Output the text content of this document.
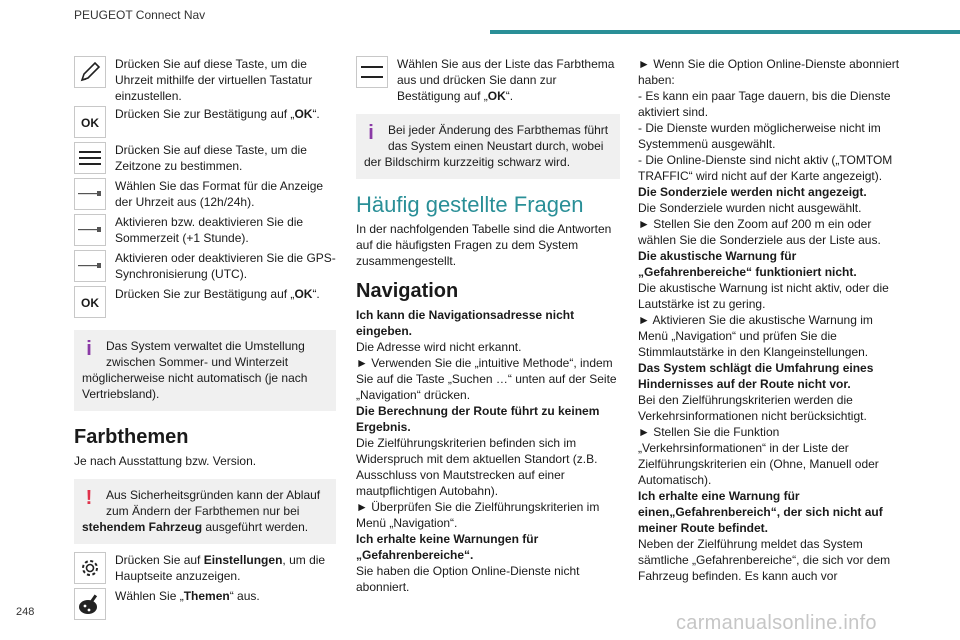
PEUGEOT Connect Nav

Drücken Sie auf diese Taste, um die Uhrzeit mithilfe der virtuellen Tastatur einzustellen.

OK

Drücken Sie zur Bestätigung auf „OK“.

Drücken Sie auf diese Taste, um die Zeitzone zu bestimmen.

Wählen Sie das Format für die Anzeige der Uhrzeit aus (12h/24h).

Aktivieren bzw. deaktivieren Sie die Sommerzeit (+1 Stunde).

Aktivieren oder deaktivieren Sie die GPS-Synchronisierung (UTC).

OK

Drücken Sie zur Bestätigung auf „OK“.

i	Das System verwaltet die Umstellung zwischen Sommer- und Winterzeit möglicherweise nicht automatisch (je nach Vertriebsland).

Farbthemen

Je nach Ausstattung bzw. Version.

!	Aus Sicherheitsgründen kann der Ablauf zum Ändern der Farbthemen nur bei stehendem Fahrzeug ausgeführt werden.

Drücken Sie auf Einstellungen, um die Hauptseite anzuzeigen.

Wählen Sie „Themen“ aus.

Wählen Sie aus der Liste das Farbthema aus und drücken Sie dann zur Bestätigung auf „OK“.

i	Bei jeder Änderung des Farbthemas führt das System einen Neustart durch, wobei der Bildschirm kurzzeitig schwarz wird.

Häufig gestellte Fragen

In der nachfolgenden Tabelle sind die Antworten auf die häufigsten Fragen zu dem System zusammengestellt.

Navigation

Ich kann die Navigationsadresse nicht eingeben.

Die Adresse wird nicht erkannt.

► Verwenden Sie die „intuitive Methode“, indem Sie auf die Taste „Suchen …“ unten auf der Seite „Navigation“ drücken.

Die Berechnung der Route führt zu keinem Ergebnis.

Die Zielführungskriterien befinden sich im Widerspruch mit dem aktuellen Standort (z.B. Ausschluss von Mautstrecken auf einer mautpflichtigen Autobahn).

► Überprüfen Sie die Zielführungskriterien im Menü „Navigation“.

Ich erhalte keine Warnungen für „Gefahrenbereiche“.

Sie haben die Option Online-Dienste nicht abonniert.

► Wenn Sie die Option Online-Dienste abonniert haben:

- Es kann ein paar Tage dauern, bis die Dienste aktiviert sind.

- Die Dienste wurden möglicherweise nicht im Systemmenü ausgewählt.

- Die Online-Dienste sind nicht aktiv („TOMTOM TRAFFIC“ wird nicht auf der Karte angezeigt).

Die Sonderziele werden nicht angezeigt.

Die Sonderziele wurden nicht ausgewählt.

► Stellen Sie den Zoom auf 200 m ein oder wählen Sie die Sonderziele aus der Liste aus.

Die akustische Warnung für „Gefahrenbereiche“ funktioniert nicht.

Die akustische Warnung ist nicht aktiv, oder die Lautstärke ist zu gering.

► Aktivieren Sie die akustische Warnung im Menü „Navigation“ und prüfen Sie die Stimmlautstärke in den Klangeinstellungen.

Das System schlägt die Umfahrung eines Hindernisses auf der Route nicht vor.

Bei den Zielführungskriterien werden die Verkehrsinformationen nicht berücksichtigt.

► Stellen Sie die Funktion „Verkehrsinformationen“ in der Liste der Zielführungskriterien ein (Ohne, Manuell oder Automatisch).

Ich erhalte eine Warnung für einen„Gefahrenbereich“, der sich nicht auf meiner Route befindet.

Neben der Zielführung meldet das System sämtliche „Gefahrenbereiche“, die sich vor dem Fahrzeug befinden. Es kann auch vor

248	carmanualsonline.info
